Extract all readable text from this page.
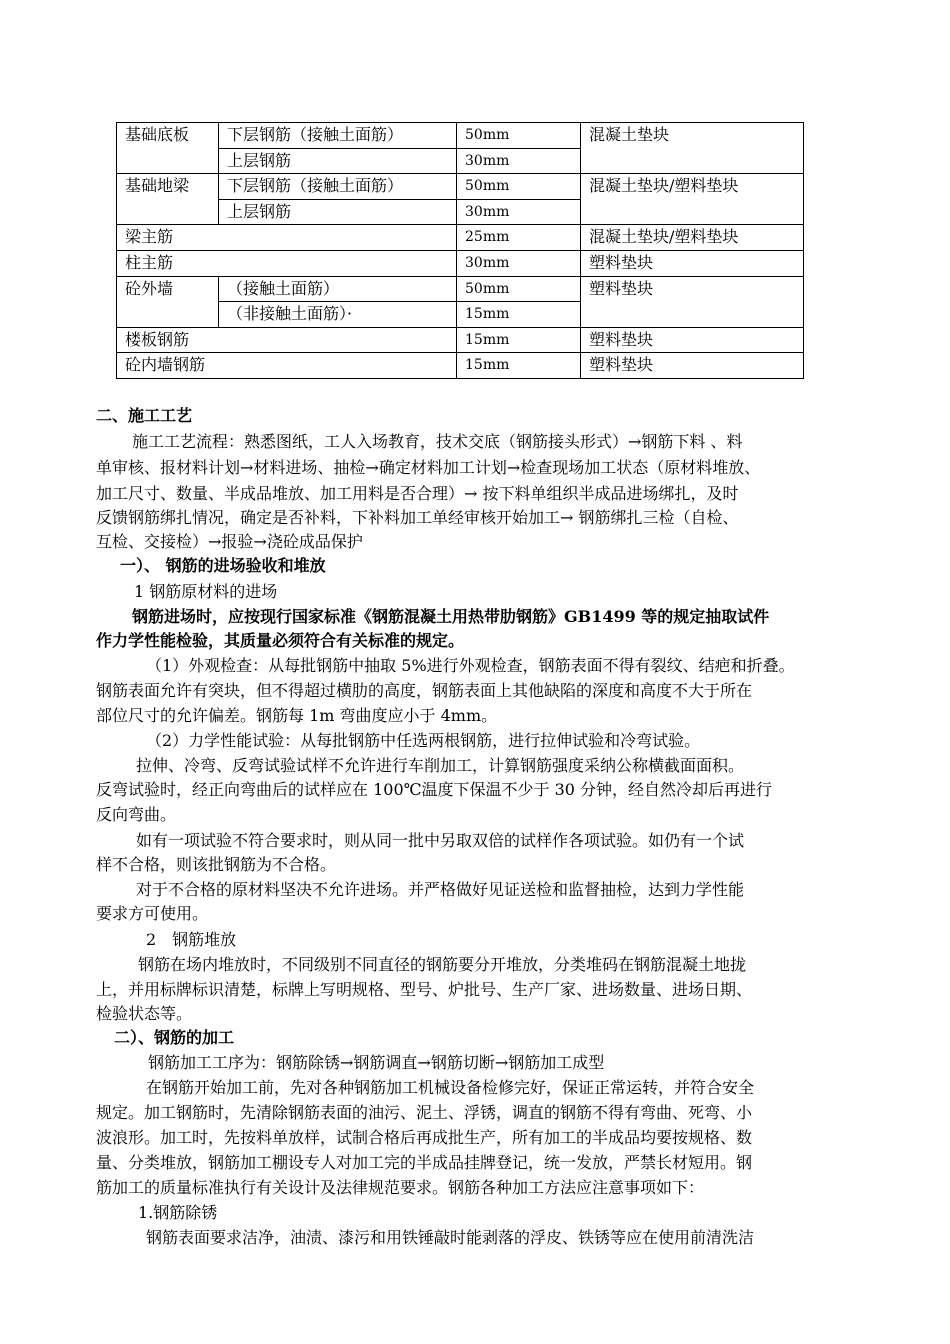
基础底板	下层钢筋（接触土面筋）	50mm	混凝土垫块
	上层钢筋	30mm	
基础地梁	下层钢筋（接触土面筋）	50mm	混凝土垫块/塑料垫块
	上层钢筋	30mm	
梁主筋		25mm	混凝土垫块/塑料垫块
柱主筋		30mm	塑料垫块
砼外墙	（接触土面筋）	50mm	塑料垫块
	（非接触土面筋）·	15mm	
楼板钢筋		15mm	塑料垫块
砼内墙钢筋		15mm	塑料垫块
二、施工工艺
施工工艺流程：熟悉图纸，工人入场教育，技术交底（钢筋接头形式）→钢筋下料 、料
单审核、报材料计划→材料进场、抽检→确定材料加工计划→检查现场加工状态（原材料堆放、
加工尺寸、数量、半成品堆放、加工用料是否合理）→ 按下料单组织半成品进场绑扎，及时
反馈钢筋绑扎情况，确定是否补料，下补料加工单经审核开始加工→ 钢筋绑扎三检（自检、
互检、交接检）→报验→浇砼成品保护
一）、 钢筋的进场验收和堆放
1 钢筋原材料的进场
钢筋进场时，应按现行国家标准《钢筋混凝土用热带肋钢筋》GB1499 等的规定抽取试件
作力学性能检验，其质量必须符合有关标准的规定。
（1）外观检查：从每批钢筋中抽取 5%进行外观检查，钢筋表面不得有裂纹、结疤和折叠。
钢筋表面允许有突块，但不得超过横肋的高度，钢筋表面上其他缺陷的深度和高度不大于所在
部位尺寸的允许偏差。钢筋每 1m 弯曲度应小于 4mm。
（2）力学性能试验：从每批钢筋中任选两根钢筋，进行拉伸试验和冷弯试验。
拉伸、冷弯、反弯试验试样不允许进行车削加工，计算钢筋强度采纳公称横截面面积。
反弯试验时，经正向弯曲后的试样应在 100℃温度下保温不少于 30 分钟，经自然冷却后再进行
反向弯曲。
如有一项试验不符合要求时，则从同一批中另取双倍的试样作各项试验。如仍有一个试
样不合格，则该批钢筋为不合格。
对于不合格的原材料坚决不允许进场。并严格做好见证送检和监督抽检，达到力学性能
要求方可使用。
2　钢筋堆放
钢筋在场内堆放时，不同级别不同直径的钢筋要分开堆放，分类堆码在钢筋混凝土地拢
上，并用标牌标识清楚，标牌上写明规格、型号、炉批号、生产厂家、进场数量、进场日期、
检验状态等。
二）、钢筋的加工
钢筋加工工序为：钢筋除锈→钢筋调直→钢筋切断→钢筋加工成型
在钢筋开始加工前，先对各种钢筋加工机械设备检修完好，保证正常运转，并符合安全
规定。加工钢筋时，先清除钢筋表面的油污、泥土、浮锈，调直的钢筋不得有弯曲、死弯、小
波浪形。加工时，先按料单放样，试制合格后再成批生产，所有加工的半成品均要按规格、数
量、分类堆放，钢筋加工棚设专人对加工完的半成品挂牌登记，统一发放，严禁长材短用。钢
筋加工的质量标准执行有关设计及法律规范要求。钢筋各种加工方法应注意事项如下：
1.钢筋除锈
钢筋表面要求洁净，油渍、漆污和用铁锤敲时能剥落的浮皮、铁锈等应在使用前清洗洁
